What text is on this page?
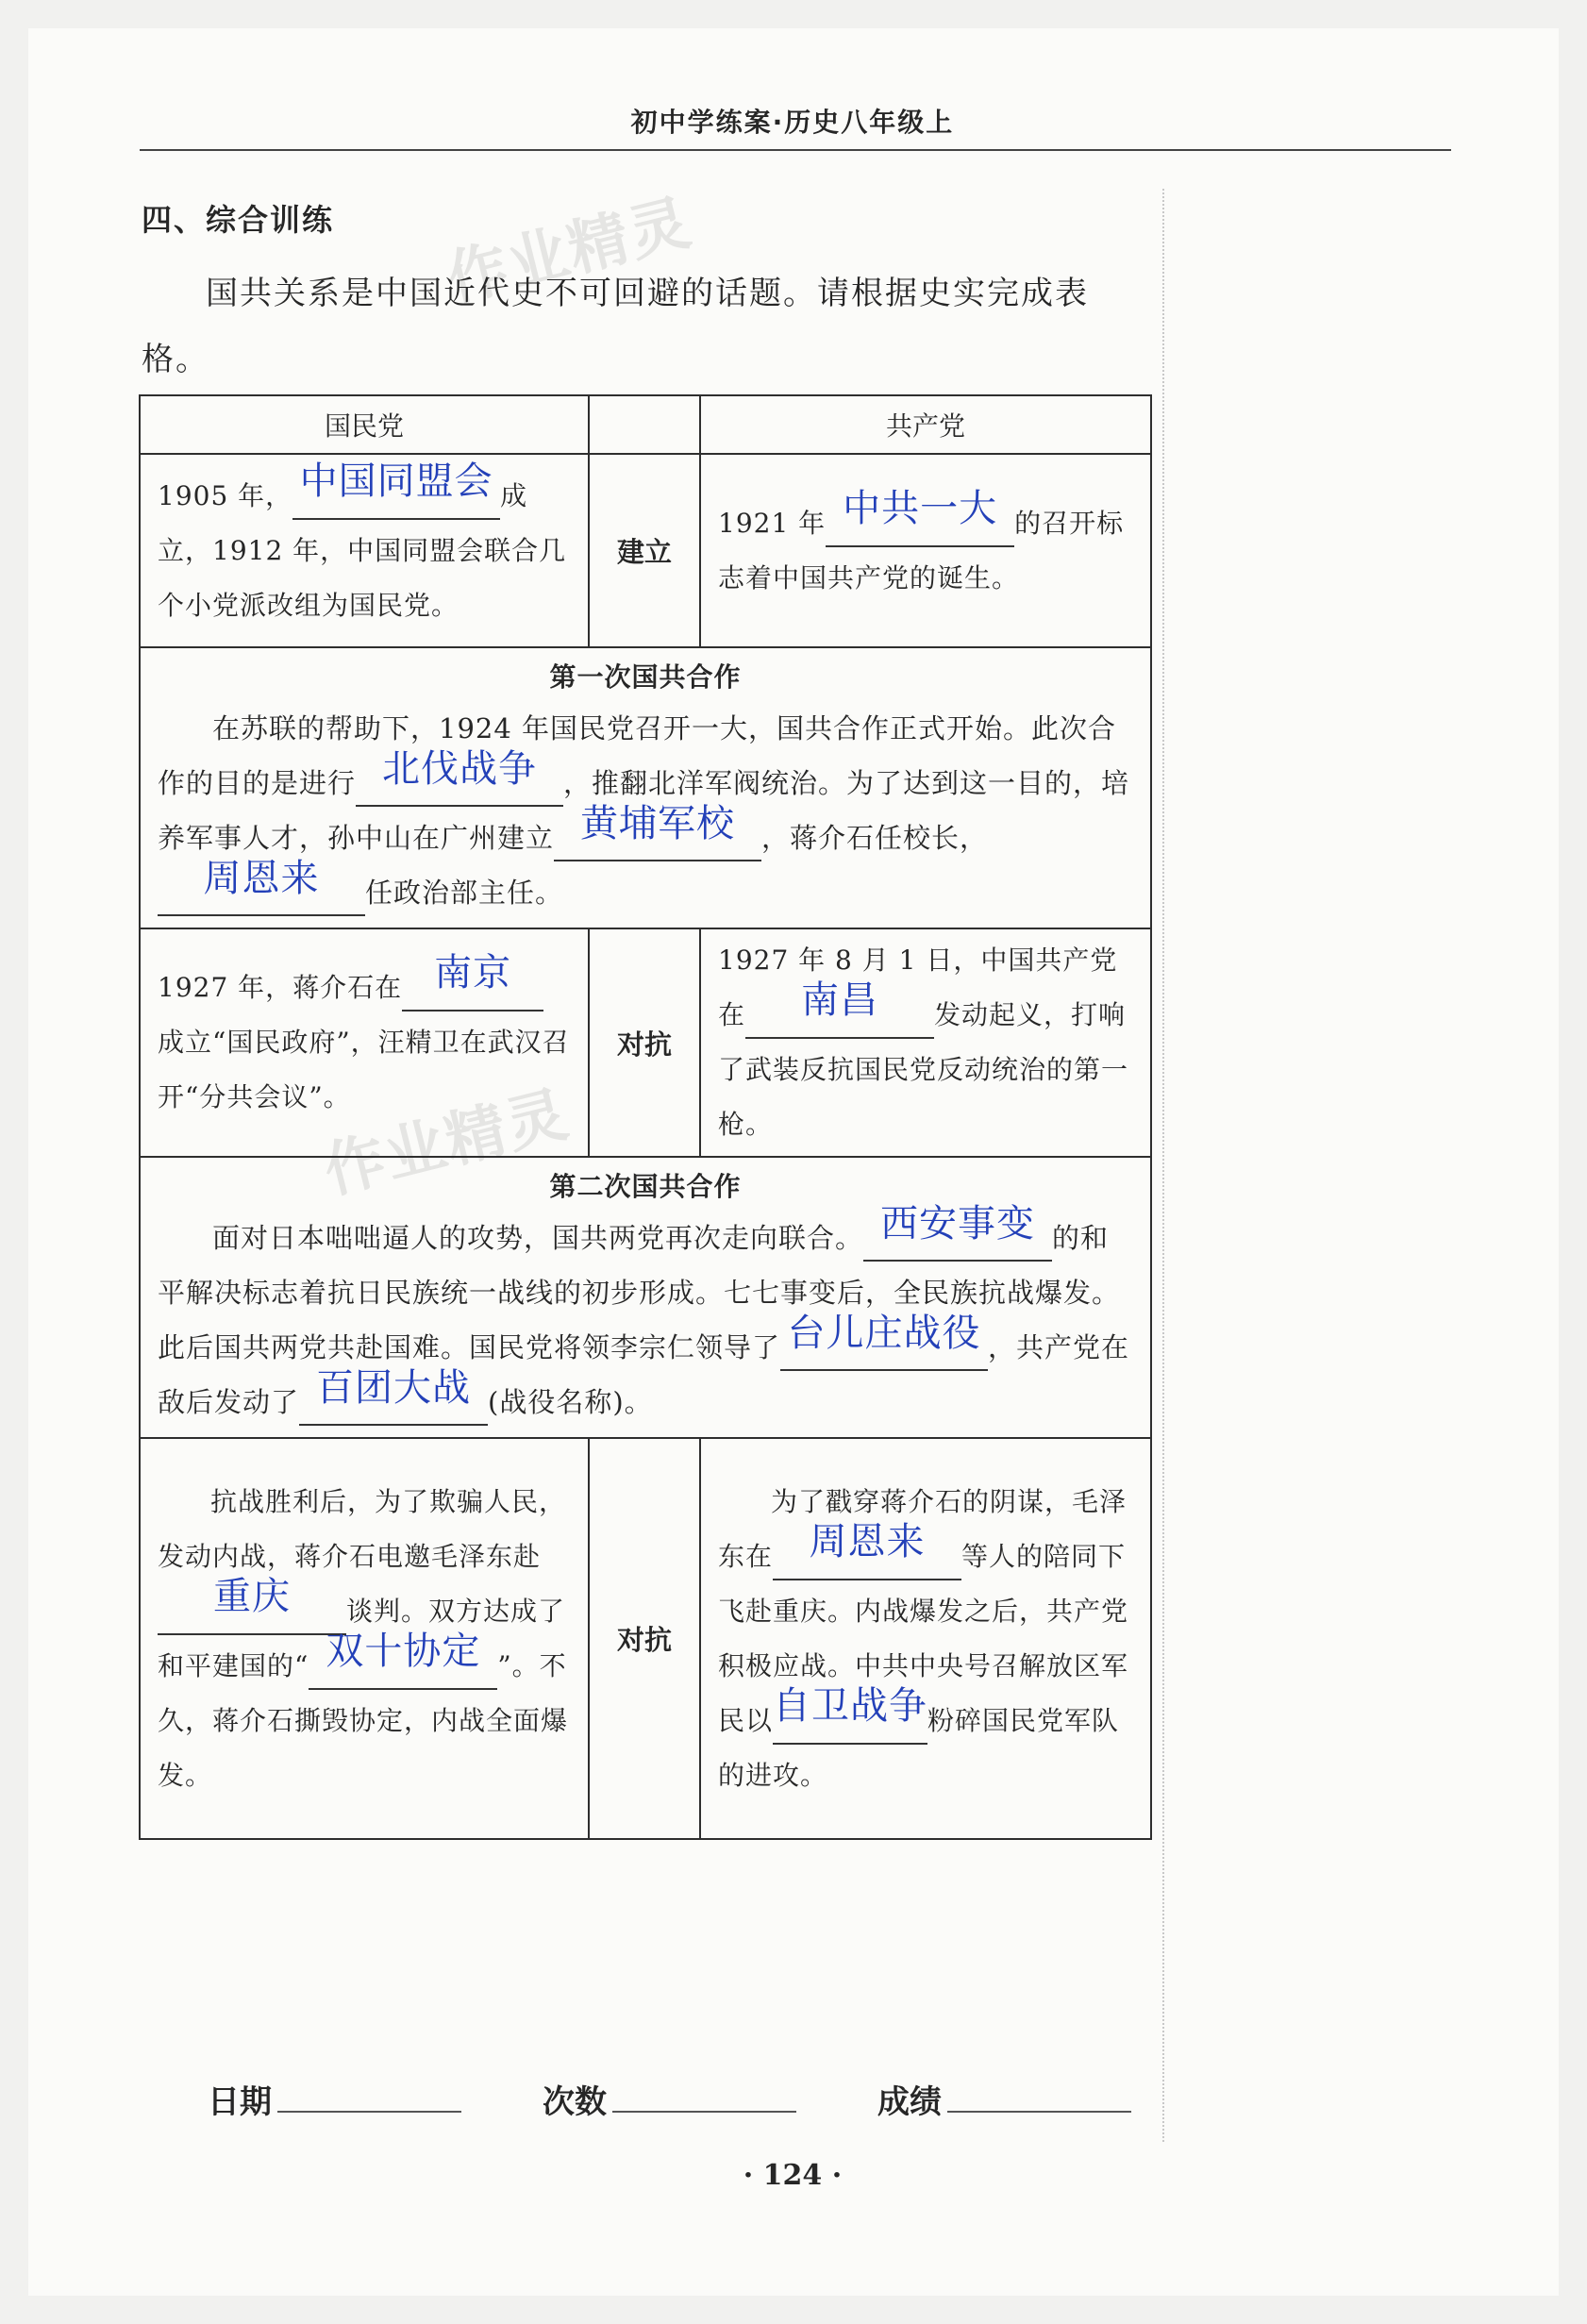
初中学练案·历史八年级上
作业精灵
作业精灵
四、综合训练

国共关系是中国近代史不可回避的话题。请根据史实完成表格。

国民党		共产党
1905 年， 中国同盟会 成立，1912 年，中国同盟会联合几个小党派改组为国民党。	建立	1921 年 中共一大 的召开标志着中国共产党的诞生。

第一次国共合作
在苏联的帮助下，1924 年国民党召开一大，国共合作正式开始。此次合作的目的是进行 北伐战争 ，推翻北洋军阀统治。为了达到这一目的，培养军事人才，孙中山在广州建立 黄埔军校 ，蒋介石任校长，周恩来 任政治部主任。		

1927 年，蒋介石在 南京成立“国民政府”，汪精卫在武汉召开“分共会议”。	对抗	1927 年 8 月 1 日，中国共产党在 南昌 发动起义，打响了武装反抗国民党反动统治的第一枪。

第二次国共合作
面对日本咄咄逼人的攻势，国共两党再次走向联合。 西安事变 的和平解决标志着抗日民族统一战线的初步形成。七七事变后，全民族抗战爆发。此后国共两党共赴国难。国民党将领李宗仁领导了 台儿庄战役 ，共产党在敌后发动了 百团大战 (战役名称)。		

抗战胜利后，为了欺骗人民，发动内战，蒋介石电邀毛泽东赴重庆 谈判。双方达成了和平建国的“ 双十协定 ”。不久，蒋介石撕毁协定，内战全面爆发。	对抗	为了戳穿蒋介石的阴谋，毛泽东在 周恩来 等人的陪同下飞赴重庆。内战爆发之后，共产党积极应战。中共中央号召解放区军民以自卫战争粉碎国民党军队的进攻。
日期	次数	成绩
· 124 ·
